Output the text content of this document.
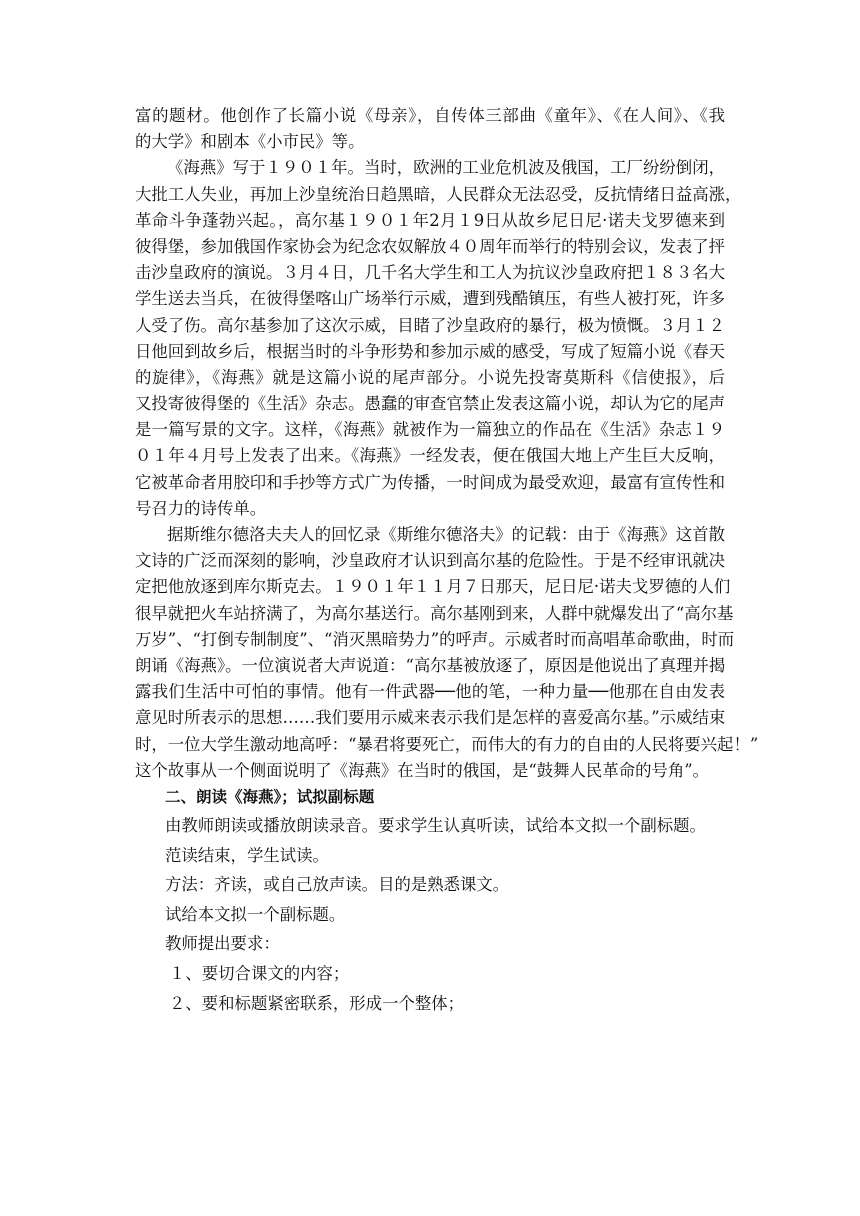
富的题材。他创作了长篇小说《母亲》，自传体三部曲《童年》、《在人间》、《我
的大学》和剧本《小市民》等。
《海燕》写于１９０１年。当时，欧洲的工业危机波及俄国，工厂纷纷倒闭，
大批工人失业，再加上沙皇统治日趋黑暗，人民群众无法忍受，反抗情绪日益高涨，
革命斗争蓬勃兴起。，高尔基１９０１年2月１9日从故乡尼日尼·诺夫戈罗德来到
彼得堡，参加俄国作家协会为纪念农奴解放４０周年而举行的特别会议，发表了抨
击沙皇政府的演说。３月４日，几千名大学生和工人为抗议沙皇政府把１８３名大
学生送去当兵，在彼得堡喀山广场举行示威，遭到残酷镇压，有些人被打死，许多
人受了伤。高尔基参加了这次示威，目睹了沙皇政府的暴行，极为愤慨。３月１２
日他回到故乡后，根据当时的斗争形势和参加示威的感受，写成了短篇小说《春天
的旋律》，《海燕》就是这篇小说的尾声部分。小说先投寄莫斯科《信使报》，后
又投寄彼得堡的《生活》杂志。愚蠢的审查官禁止发表这篇小说，却认为它的尾声
是一篇写景的文字。这样，《海燕》就被作为一篇独立的作品在《生活》杂志１９
０１年４月号上发表了出来。《海燕》一经发表，便在俄国大地上产生巨大反响，
它被革命者用胶印和手抄等方式广为传播，一时间成为最受欢迎，最富有宣传性和
号召力的诗传单。
据斯维尔德洛夫夫人的回忆录《斯维尔德洛夫》的记载：由于《海燕》这首散
文诗的广泛而深刻的影响，沙皇政府才认识到高尔基的危险性。于是不经审讯就决
定把他放逐到库尔斯克去。１９０１年１１月７日那天，尼日尼·诺夫戈罗德的人们
很早就把火车站挤满了，为高尔基送行。高尔基刚到来，人群中就爆发出了“高尔基
万岁”、“打倒专制制度”、“消灭黑暗势力”的呼声。示威者时而高唱革命歌曲，时而
朗诵《海燕》。一位演说者大声说道：“高尔基被放逐了，原因是他说出了真理并揭
露我们生活中可怕的事情。他有一件武器──他的笔，一种力量──他那在自由发表
意见时所表示的思想……我们要用示威来表示我们是怎样的喜爱高尔基。”示威结束
时，一位大学生激动地高呼：“暴君将要死亡，而伟大的有力的自由的人民将要兴起！”
这个故事从一个侧面说明了《海燕》在当时的俄国，是“鼓舞人民革命的号角”。
二、朗读《海燕》；试拟副标题
由教师朗读或播放朗读录音。要求学生认真听读，试给本文拟一个副标题。
范读结束，学生试读。
方法：齐读，或自己放声读。目的是熟悉课文。
试给本文拟一个副标题。
教师提出要求：
１、要切合课文的内容；
２、要和标题紧密联系，形成一个整体；
